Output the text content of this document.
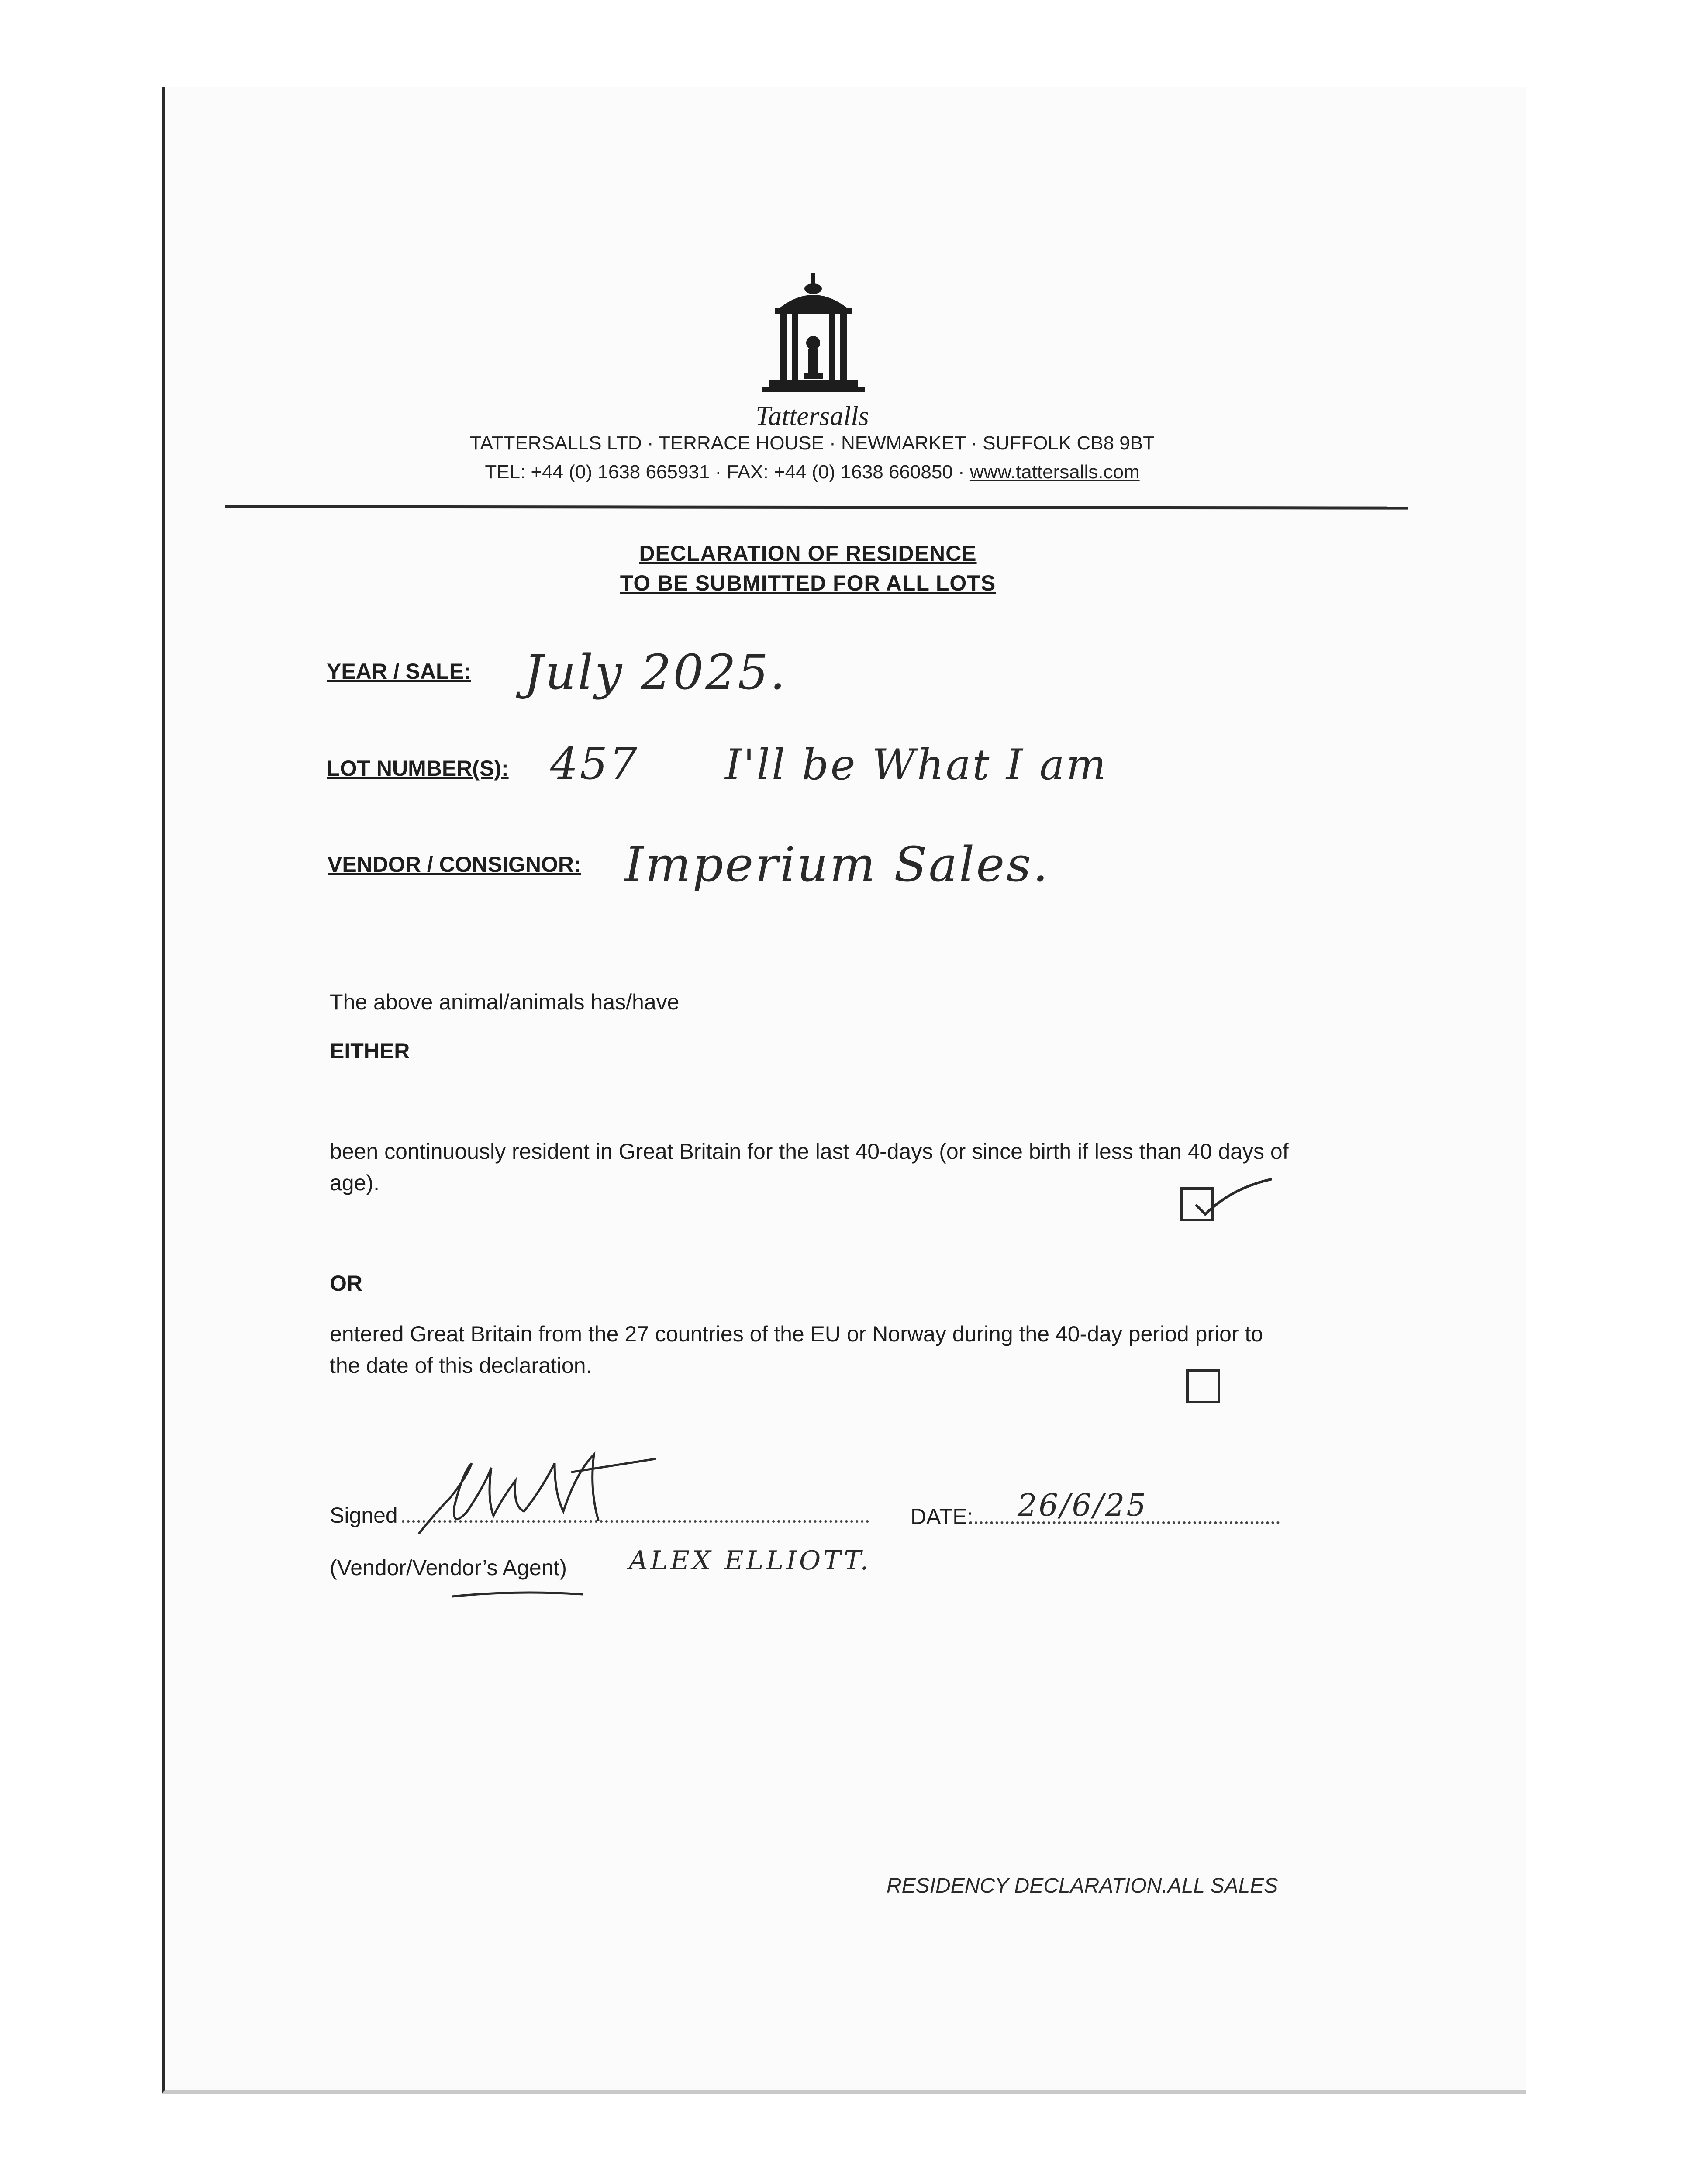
Tattersalls
TATTERSALLS LTD · TERRACE HOUSE · NEWMARKET · SUFFOLK CB8 9BT
TEL: +44 (0) 1638 665931 · FAX: +44 (0) 1638 660850 · www.tattersalls.com
DECLARATION OF RESIDENCE
TO BE SUBMITTED FOR ALL LOTS
YEAR / SALE: July 2025.
LOT NUMBER(S): 457 I'll be What I am
VENDOR / CONSIGNOR: Imperium Sales.
The above animal/animals has/have
EITHER
been continuously resident in Great Britain for the last 40-days (or since birth if less than 40 days of age).
OR
entered Great Britain from the 27 countries of the EU or Norway during the 40-day period prior to the date of this declaration.
Signed	DATE: 26/6/25
(Vendor/Vendor’s Agent) ALEX ELLIOTT.
RESIDENCY DECLARATION.ALL SALES
